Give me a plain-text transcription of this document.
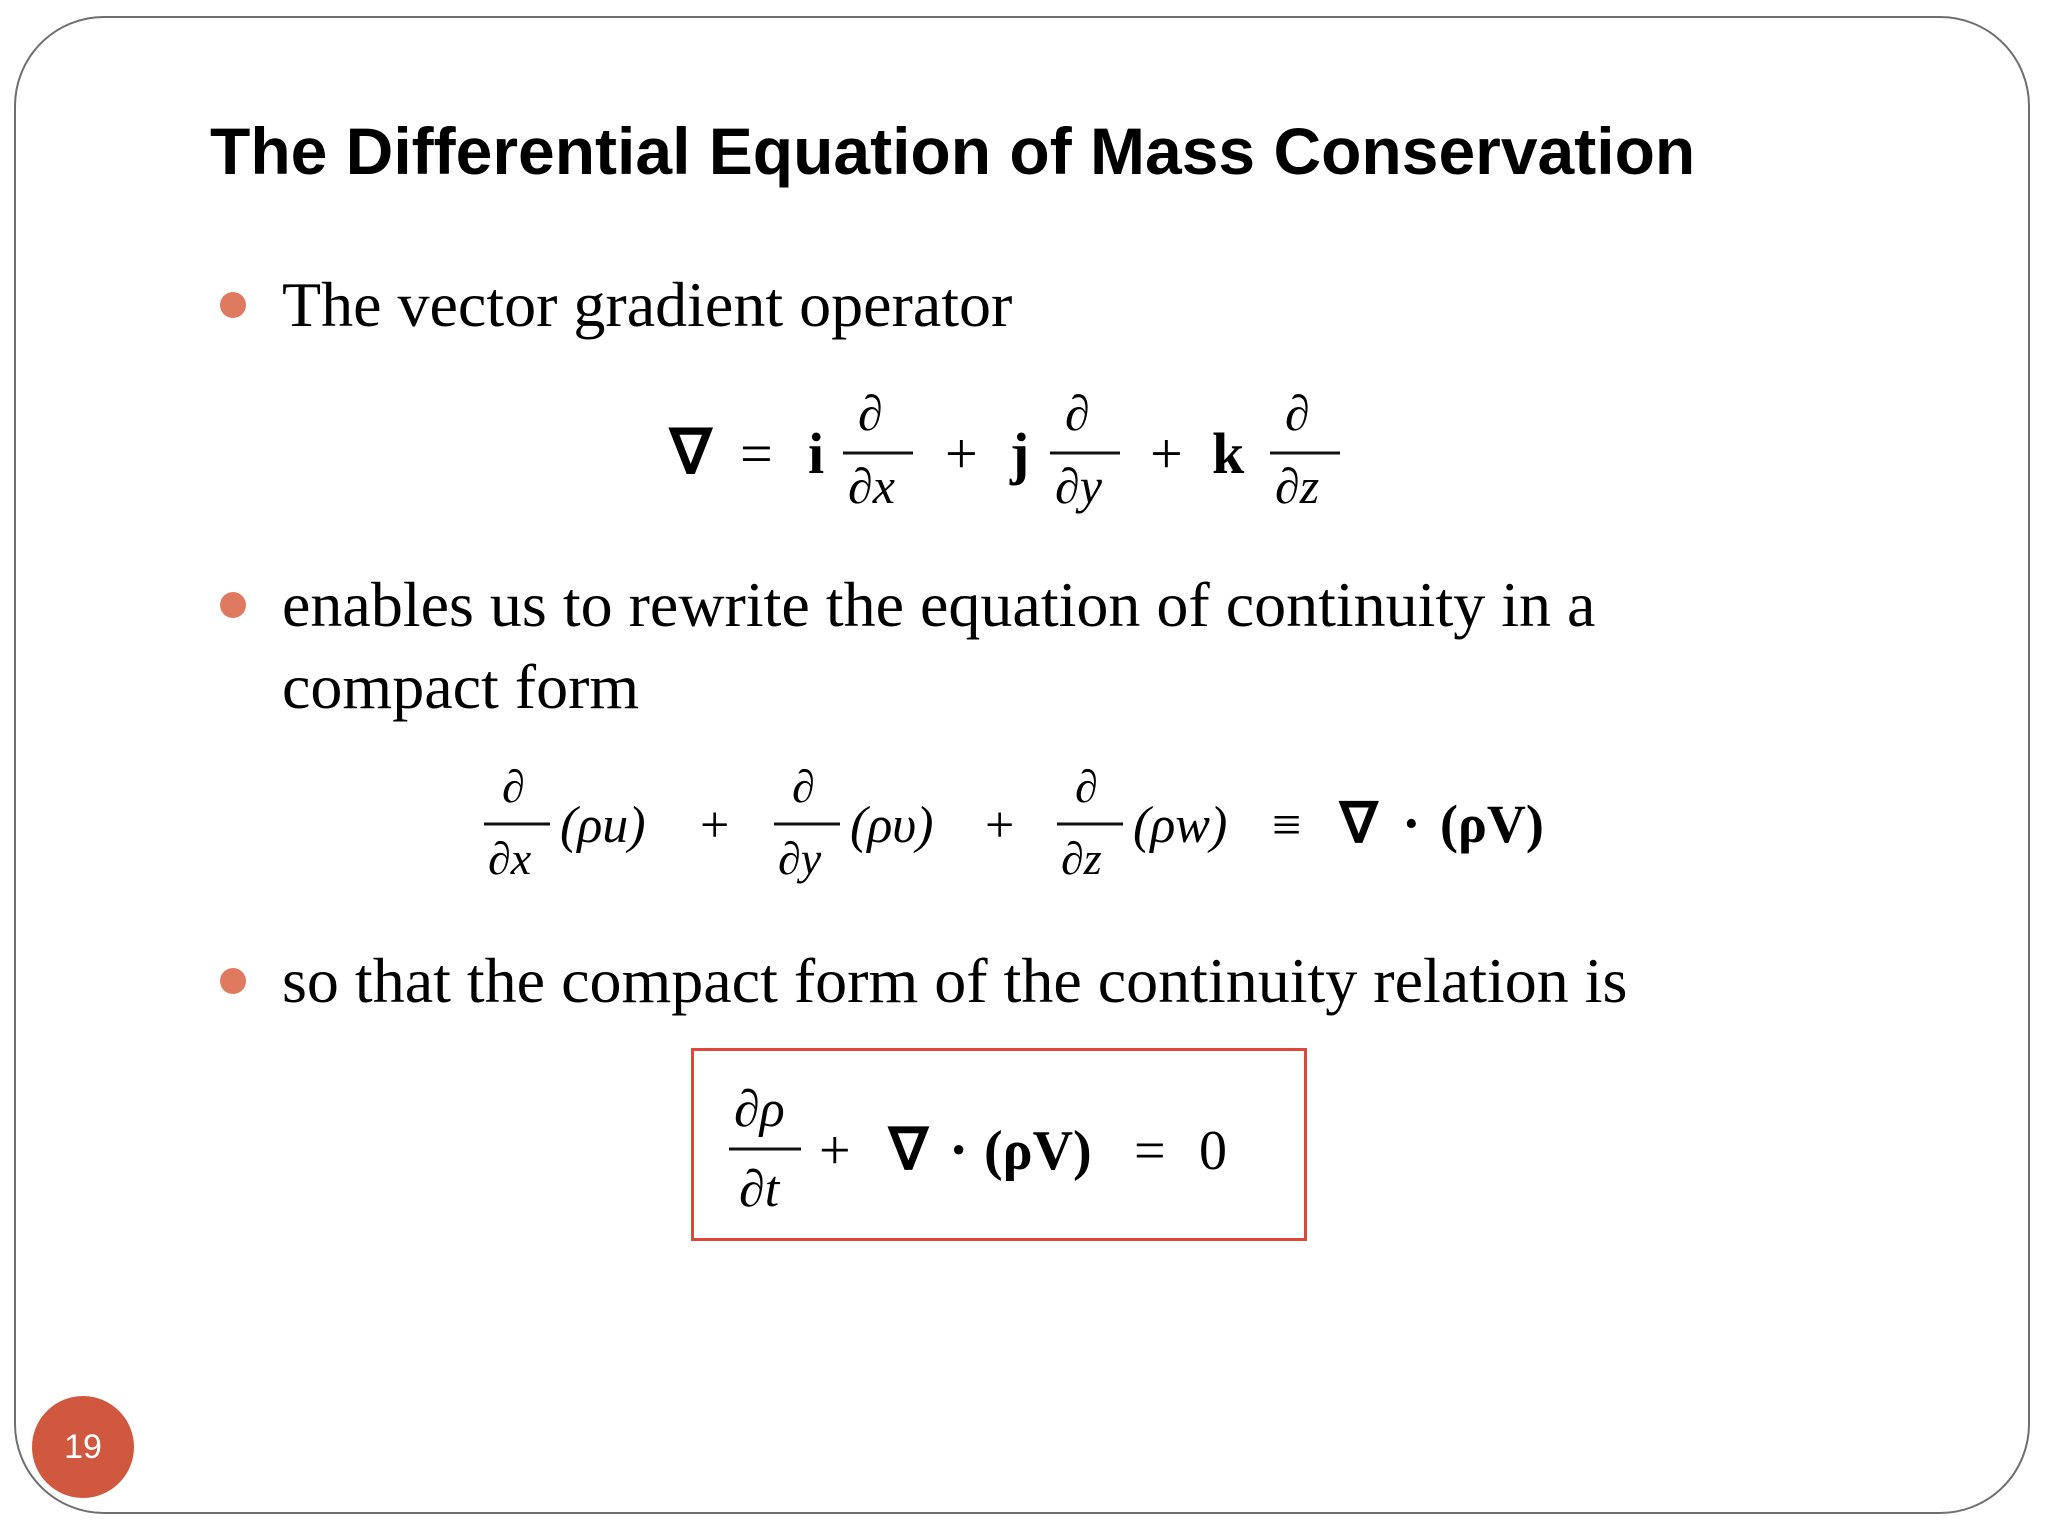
The Differential Equation of Mass Conservation
The vector gradient operator
∇ = i
∂
∂x + j
∂
∂y + k
∂
∂z
enables us to rewrite the equation of continuity in a
compact form
∂
∂x
(ρu) +
∂
∂y
(ρυ) +
∂
∂z
(ρw) ≡ ∇ · (ρV)
so that the compact form of the continuity relation is
∂ρ
∂t
+ ∇ · (ρV) = 0
19
